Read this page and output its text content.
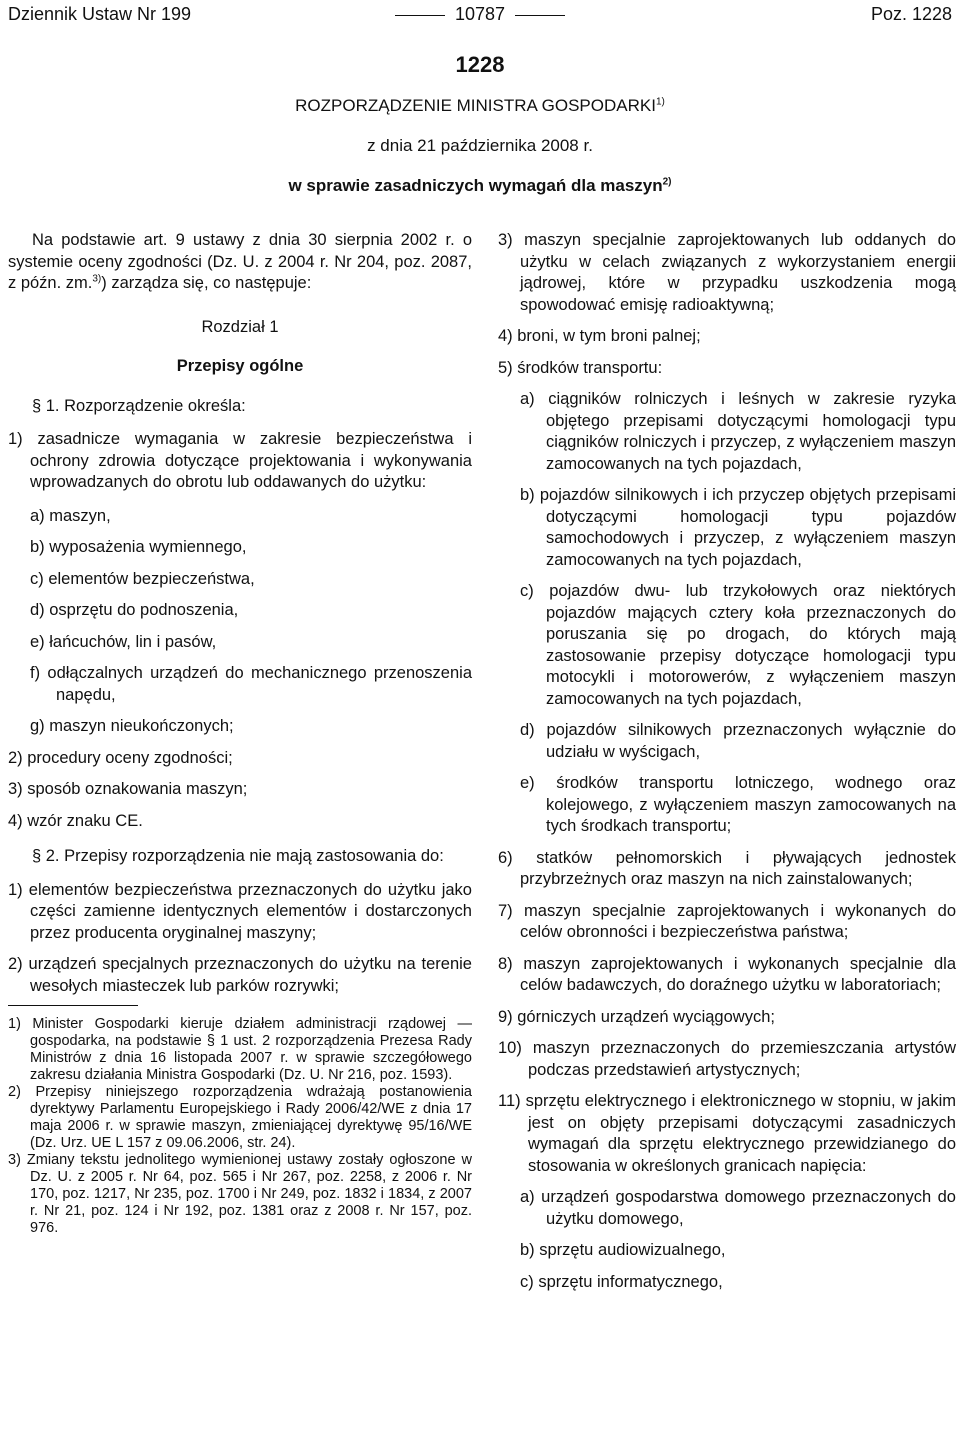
Dziennik Ustaw Nr 199	10787	Poz. 1228
1228
ROZPORZĄDZENIE MINISTRA GOSPODARKI$^{1)}$
z dnia 21 października 2008 r.
w sprawie zasadniczych wymagań dla maszyn$^{2)}$

Na podstawie art. 9 ustawy z dnia 30 sierpnia 2002 r. o systemie oceny zgodności (Dz. U. z 2004 r. Nr 204, poz. 2087, z późn. zm.$^{3)}$) zarządza się, co następuje:

Rozdział 1

Przepisy ogólne

§ 1. Rozporządzenie określa:

1) zasadnicze wymagania w zakresie bezpieczeństwa i ochrony zdrowia dotyczące projektowania i wykonywania wprowadzanych do obrotu lub oddawanych do użytku:

a) maszyn,

b) wyposażenia wymiennego,

c) elementów bezpieczeństwa,

d) osprzętu do podnoszenia,

e) łańcuchów, lin i pasów,

f) odłączalnych urządzeń do mechanicznego przenoszenia napędu,

g) maszyn nieukończonych;

2) procedury oceny zgodności;

3) sposób oznakowania maszyn;

4) wzór znaku CE.

§ 2. Przepisy rozporządzenia nie mają zastosowania do:

1) elementów bezpieczeństwa przeznaczonych do użytku jako części zamienne identycznych elementów i dostarczonych przez producenta oryginalnej maszyny;

2) urządzeń specjalnych przeznaczonych do użytku na terenie wesołych miasteczek lub parków rozrywki;

1) Minister Gospodarki kieruje działem administracji rządowej — gospodarka, na podstawie § 1 ust. 2 rozporządzenia Prezesa Rady Ministrów z dnia 16 listopada 2007 r. w sprawie szczegółowego zakresu działania Ministra Gospodarki (Dz. U. Nr 216, poz. 1593).

2) Przepisy niniejszego rozporządzenia wdrażają postanowienia dyrektywy Parlamentu Europejskiego i Rady 2006/42/WE z dnia 17 maja 2006 r. w sprawie maszyn, zmieniającej dyrektywę 95/16/WE (Dz. Urz. UE L 157 z 09.06.2006, str. 24).

3) Zmiany tekstu jednolitego wymienionej ustawy zostały ogłoszone w Dz. U. z 2005 r. Nr 64, poz. 565 i Nr 267, poz. 2258, z 2006 r. Nr 170, poz. 1217, Nr 235, poz. 1700 i Nr 249, poz. 1832 i 1834, z 2007 r. Nr 21, poz. 124 i Nr 192, poz. 1381 oraz z 2008 r. Nr 157, poz. 976.

3) maszyn specjalnie zaprojektowanych lub oddanych do użytku w celach związanych z wykorzystaniem energii jądrowej, które w przypadku uszkodzenia mogą spowodować emisję radioaktywną;

4) broni, w tym broni palnej;

5) środków transportu:

a) ciągników rolniczych i leśnych w zakresie ryzyka objętego przepisami dotyczącymi homologacji typu ciągników rolniczych i przyczep, z wyłączeniem maszyn zamocowanych na tych pojazdach,

b) pojazdów silnikowych i ich przyczep objętych przepisami dotyczącymi homologacji typu pojazdów samochodowych i przyczep, z wyłączeniem maszyn zamocowanych na tych pojazdach,

c) pojazdów dwu- lub trzykołowych oraz niektórych pojazdów mających cztery koła przeznaczonych do poruszania się po drogach, do których mają zastosowanie przepisy dotyczące homologacji typu motocykli i motorowerów, z wyłączeniem maszyn zamocowanych na tych pojazdach,

d) pojazdów silnikowych przeznaczonych wyłącznie do udziału w wyścigach,

e) środków transportu lotniczego, wodnego oraz kolejowego, z wyłączeniem maszyn zamocowanych na tych środkach transportu;

6) statków pełnomorskich i pływających jednostek przybrzeżnych oraz maszyn na nich zainstalowanych;

7) maszyn specjalnie zaprojektowanych i wykonanych do celów obronności i bezpieczeństwa państwa;

8) maszyn zaprojektowanych i wykonanych specjalnie dla celów badawczych, do doraźnego użytku w laboratoriach;

9) górniczych urządzeń wyciągowych;

10) maszyn przeznaczonych do przemieszczania artystów podczas przedstawień artystycznych;

11) sprzętu elektrycznego i elektronicznego w stopniu, w jakim jest on objęty przepisami dotyczącymi zasadniczych wymagań dla sprzętu elektrycznego przewidzianego do stosowania w określonych granicach napięcia:

a) urządzeń gospodarstwa domowego przeznaczonych do użytku domowego,

b) sprzętu audiowizualnego,

c) sprzętu informatycznego,
